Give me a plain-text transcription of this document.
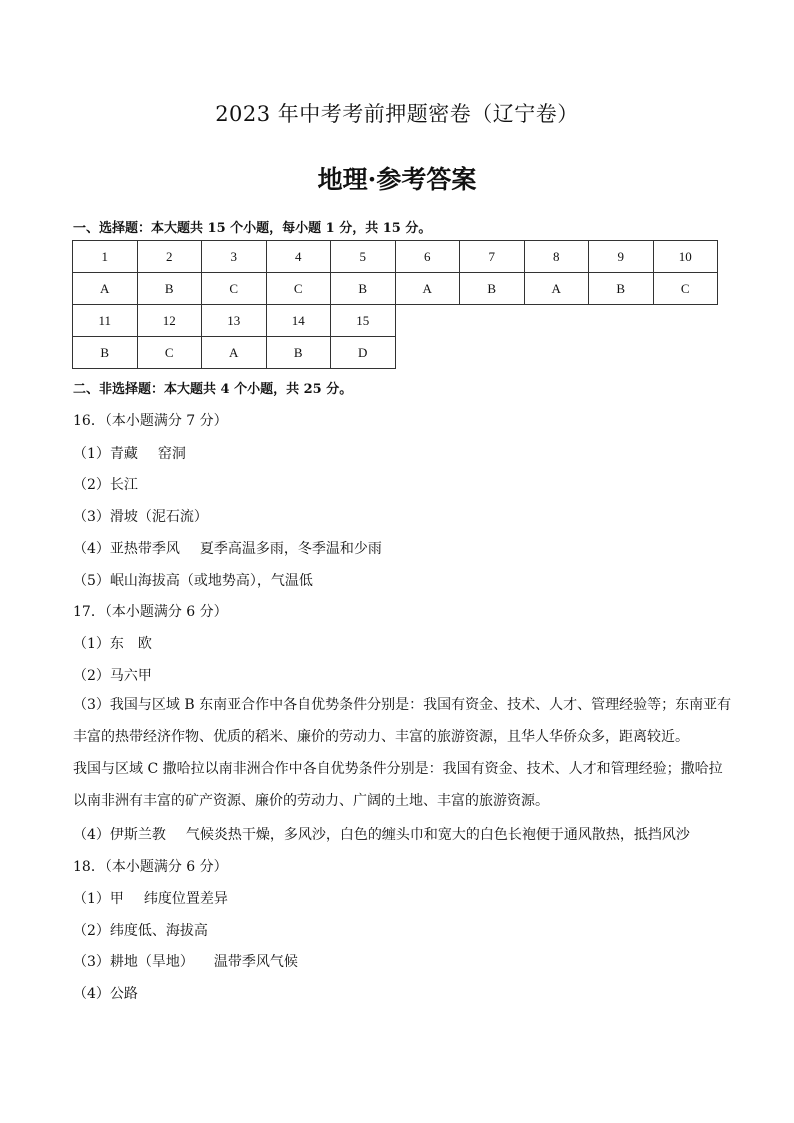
2023 年中考考前押题密卷（辽宁卷）
地理·参考答案
一、选择题：本大题共 15 个小题，每小题 1 分，共 15 分。
1	2	3	4	5	6	7	8	9	10
A	B	C	C	B	A	B	A	B	C
11	12	13	14	15					
B	C	A	B	D					
二、非选择题：本大题共 4 个小题，共 25 分。
16．（本小题满分 7 分）
（1）青藏 窑洞
（2）长江
（3）滑坡（泥石流）
（4）亚热带季风 夏季高温多雨，冬季温和少雨
（5）岷山海拔高（或地势高），气温低
17．（本小题满分 6 分）
（1）东　欧
（2）马六甲
（3）我国与区域 B 东南亚合作中各自优势条件分别是：我国有资金、技术、人才、管理经验等；东南亚有丰富的热带经济作物、优质的稻米、廉价的劳动力、丰富的旅游资源，且华人华侨众多，距离较近。
我国与区域 C 撒哈拉以南非洲合作中各自优势条件分别是：我国有资金、技术、人才和管理经验；撒哈拉以南非洲有丰富的矿产资源、廉价的劳动力、广阔的土地、丰富的旅游资源。
（4）伊斯兰教 气候炎热干燥，多风沙，白色的缠头巾和宽大的白色长袍便于通风散热，抵挡风沙
18．（本小题满分 6 分）
（1）甲 纬度位置差异
（2）纬度低、海拔高
（3）耕地（旱地） 温带季风气候
（4）公路
